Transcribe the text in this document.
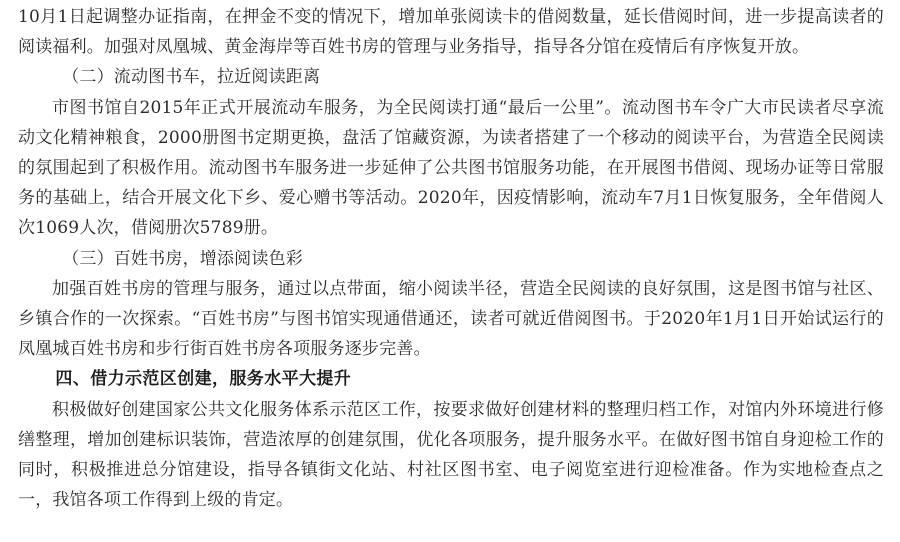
10月1日起调整办证指南，在押金不变的情况下，增加单张阅读卡的借阅数量，延长借阅时间，进一步提高读者的阅读福利。加强对凤凰城、黄金海岸等百姓书房的管理与业务指导，指导各分馆在疫情后有序恢复开放。

（二）流动图书车，拉近阅读距离

市图书馆自2015年正式开展流动车服务，为全民阅读打通“最后一公里”。流动图书车令广大市民读者尽享流动文化精神粮食，2000册图书定期更换，盘活了馆藏资源，为读者搭建了一个移动的阅读平台，为营造全民阅读的氛围起到了积极作用。流动图书车服务进一步延伸了公共图书馆服务功能，在开展图书借阅、现场办证等日常服务的基础上，结合开展文化下乡、爱心赠书等活动。2020年，因疫情影响，流动车7月1日恢复服务，全年借阅人次1069人次，借阅册次5789册。

（三）百姓书房，增添阅读色彩

加强百姓书房的管理与服务，通过以点带面，缩小阅读半径，营造全民阅读的良好氛围，这是图书馆与社区、乡镇合作的一次探索。“百姓书房”与图书馆实现通借通还，读者可就近借阅图书。于2020年1月1日开始试运行的凤凰城百姓书房和步行街百姓书房各项服务逐步完善。

四、借力示范区创建，服务水平大提升

积极做好创建国家公共文化服务体系示范区工作，按要求做好创建材料的整理归档工作，对馆内外环境进行修缮整理，增加创建标识装饰，营造浓厚的创建氛围，优化各项服务，提升服务水平。在做好图书馆自身迎检工作的同时，积极推进总分馆建设，指导各镇街文化站、村社区图书室、电子阅览室进行迎检准备。作为实地检查点之一，我馆各项工作得到上级的肯定。
